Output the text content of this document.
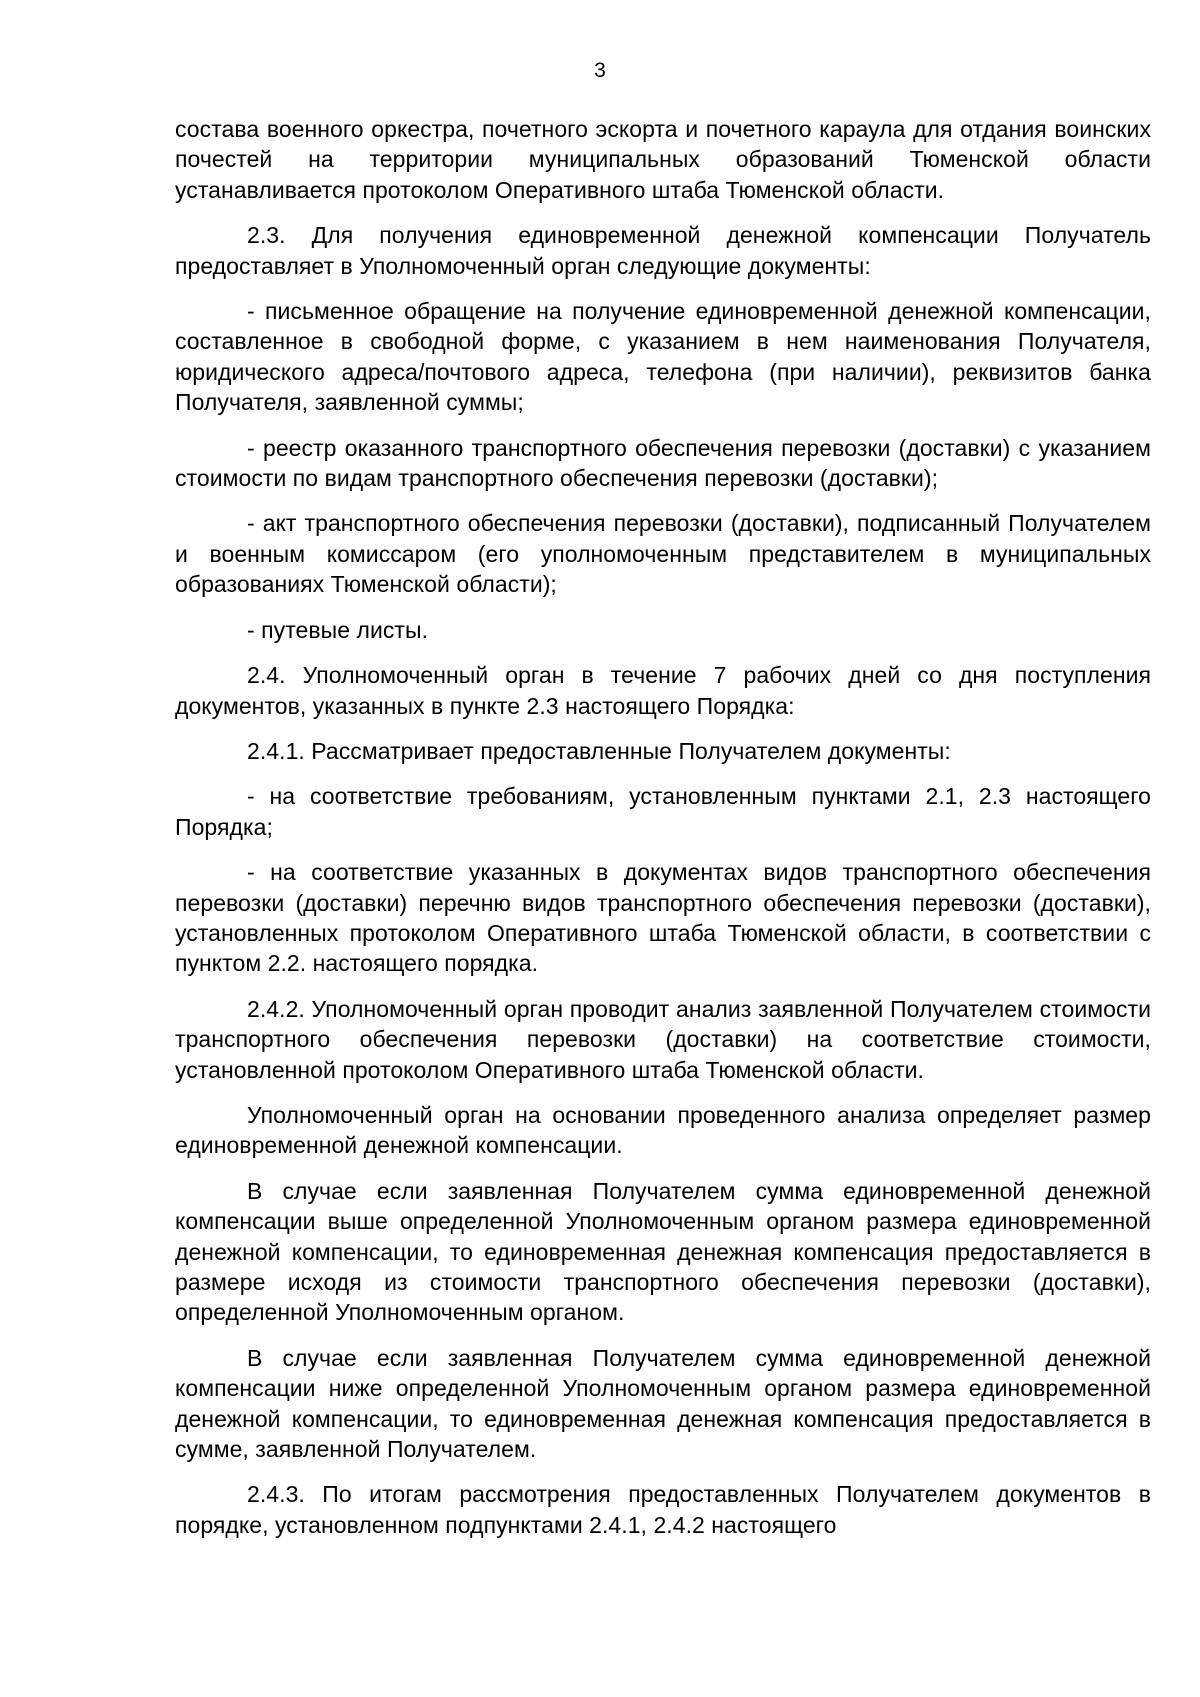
3

состава военного оркестра, почетного эскорта и почетного караула для отдания воинских почестей на территории муниципальных образований Тюменской области устанавливается протоколом Оперативного штаба Тюменской области.

2.3. Для получения единовременной денежной компенсации Получатель предоставляет в Уполномоченный орган следующие документы:

- письменное обращение на получение единовременной денежной компенсации, составленное в свободной форме, с указанием в нем наименования Получателя, юридического адреса/почтового адреса, телефона (при наличии), реквизитов банка Получателя, заявленной суммы;

- реестр оказанного транспортного обеспечения перевозки (доставки) с указанием стоимости по видам транспортного обеспечения перевозки (доставки);

- акт транспортного обеспечения перевозки (доставки), подписанный Получателем и военным комиссаром (его уполномоченным представителем в муниципальных образованиях Тюменской области);

- путевые листы.

2.4. Уполномоченный орган в течение 7 рабочих дней со дня поступления документов, указанных в пункте 2.3 настоящего Порядка:

2.4.1. Рассматривает предоставленные Получателем документы:

- на соответствие требованиям, установленным пунктами 2.1, 2.3 настоящего Порядка;

- на соответствие указанных в документах видов транспортного обеспечения перевозки (доставки) перечню видов транспортного обеспечения перевозки (доставки), установленных протоколом Оперативного штаба Тюменской области, в соответствии с пунктом 2.2. настоящего порядка.

2.4.2. Уполномоченный орган проводит анализ заявленной Получателем стоимости транспортного обеспечения перевозки (доставки) на соответствие стоимости, установленной протоколом Оперативного штаба Тюменской области.

Уполномоченный орган на основании проведенного анализа определяет размер единовременной денежной компенсации.

В случае если заявленная Получателем сумма единовременной денежной компенсации выше определенной Уполномоченным органом размера единовременной денежной компенсации, то единовременная денежная компенсация предоставляется в размере исходя из стоимости транспортного обеспечения перевозки (доставки), определенной Уполномоченным органом.

В случае если заявленная Получателем сумма единовременной денежной компенсации ниже определенной Уполномоченным органом размера единовременной денежной компенсации, то единовременная денежная компенсация предоставляется в сумме, заявленной Получателем.

2.4.3. По итогам рассмотрения предоставленных Получателем документов в порядке, установленном подпунктами 2.4.1, 2.4.2 настоящего
